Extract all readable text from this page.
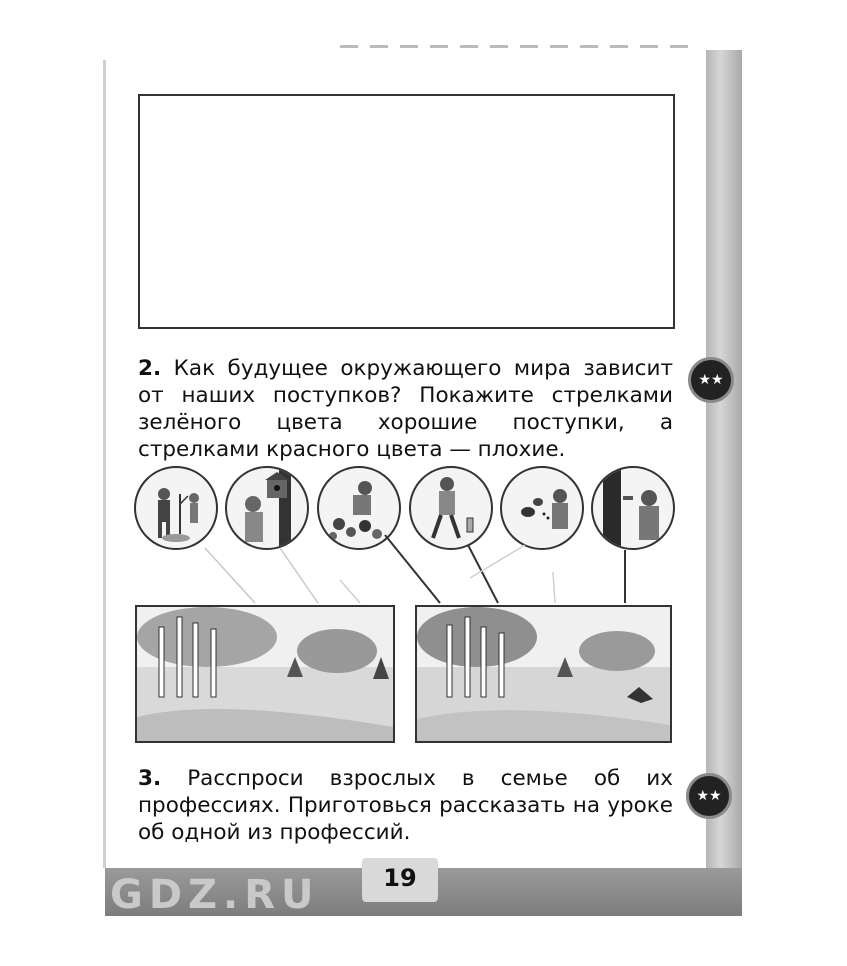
GDZ.RU	19
2. Как будущее окружающего мира зависит от наших поступков? Покажите стрелками зелёного цвета хорошие поступки, а стрелками красного цвета — плохие.
★★
3. Расспроси взрослых в семье об их профессиях. Приготовься рассказать на уроке об одной из профессий.
★★
